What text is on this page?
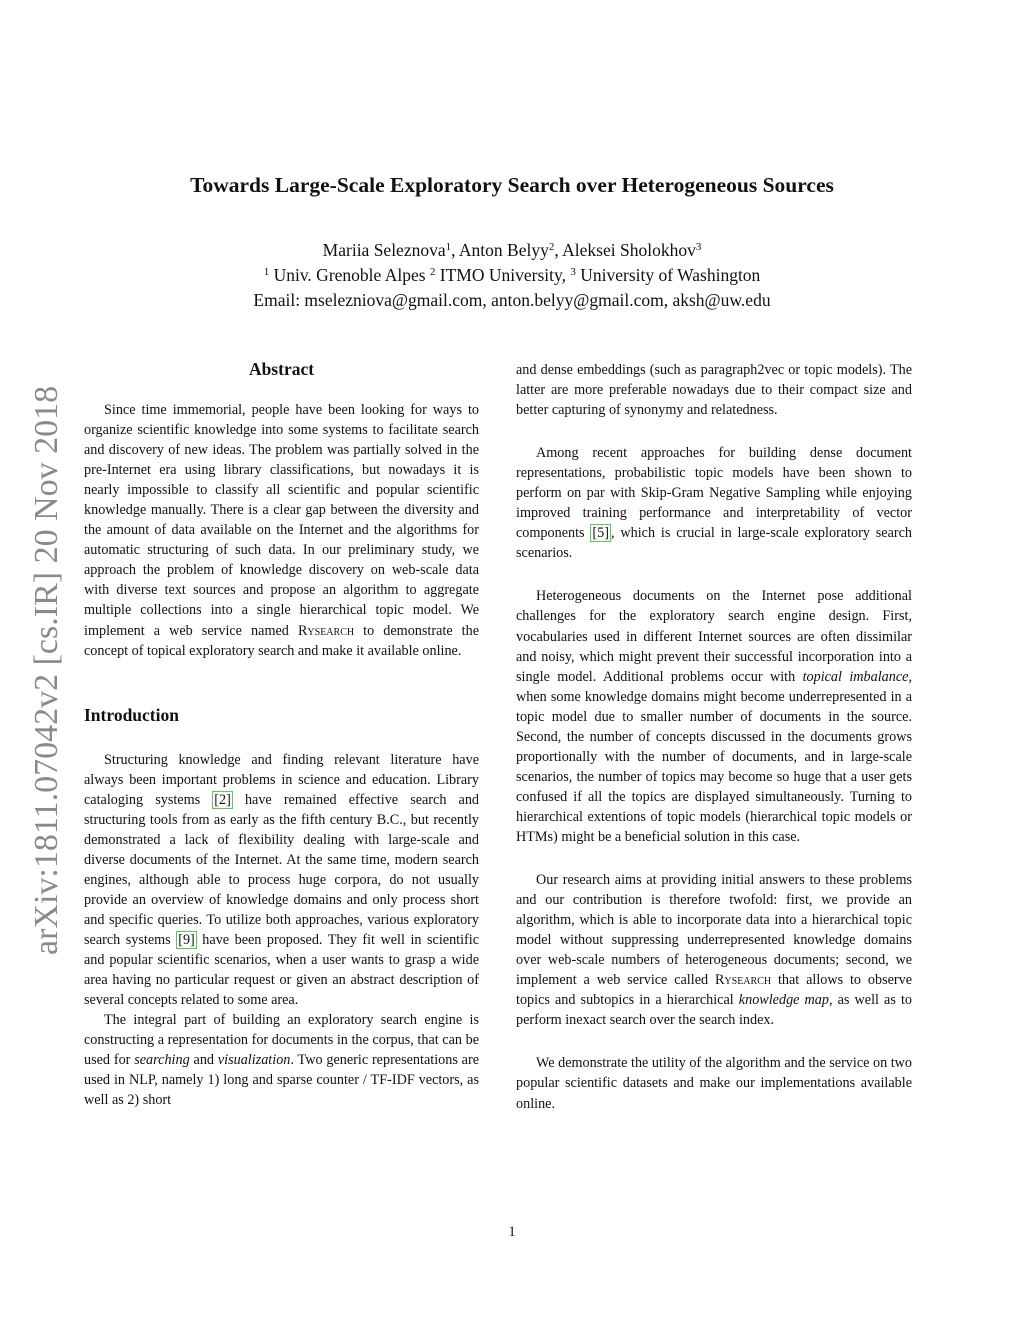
arXiv:1811.07042v2 [cs.IR] 20 Nov 2018
Towards Large-Scale Exploratory Search over Heterogeneous Sources
Mariia Seleznova$^1$, Anton Belyy$^2$, Aleksei Sholokhov$^3$
$^1$ Univ. Grenoble Alpes $^2$ ITMO University, $^3$ University of Washington
Email: mselezniova@gmail.com, anton.belyy@gmail.com, aksh@uw.edu
Abstract

Since time immemorial, people have been looking for ways to organize scientific knowledge into some systems to facilitate search and discovery of new ideas. The problem was partially solved in the pre-Internet era using library classifications, but nowadays it is nearly impossible to classify all scientific and popular scientific knowledge manually. There is a clear gap between the diversity and the amount of data available on the Internet and the algorithms for automatic structuring of such data. In our preliminary study, we approach the problem of knowledge discovery on web-scale data with diverse text sources and propose an algorithm to aggregate multiple collections into a single hierarchical topic model. We implement a web service named Rysearch to demonstrate the concept of topical exploratory search and make it available online.

Introduction

Structuring knowledge and finding relevant literature have always been important problems in science and education. Library cataloging systems [2] have remained effective search and structuring tools from as early as the fifth century B.C., but recently demonstrated a lack of flexibility dealing with large-scale and diverse documents of the Internet. At the same time, modern search engines, although able to process huge corpora, do not usually provide an overview of knowledge domains and only process short and specific queries. To utilize both approaches, various exploratory search systems [9] have been proposed. They fit well in scientific and popular scientific scenarios, when a user wants to grasp a wide area having no particular request or given an abstract description of several concepts related to some area.

The integral part of building an exploratory search engine is constructing a representation for documents in the corpus, that can be used for searching and visualization. Two generic representations are used in NLP, namely 1) long and sparse counter / TF-IDF vectors, as well as 2) short

and dense embeddings (such as paragraph2vec or topic models). The latter are more preferable nowadays due to their compact size and better capturing of synonymy and relatedness.

Among recent approaches for building dense document representations, probabilistic topic models have been shown to perform on par with Skip-Gram Negative Sampling while enjoying improved training performance and interpretability of vector components [5] , which is crucial in large-scale exploratory search scenarios.

Heterogeneous documents on the Internet pose additional challenges for the exploratory search engine design. First, vocabularies used in different Internet sources are often dissimilar and noisy, which might prevent their successful incorporation into a single model. Additional problems occur with topical imbalance, when some knowledge domains might become underrepresented in a topic model due to smaller number of documents in the source. Second, the number of concepts discussed in the documents grows proportionally with the number of documents, and in large-scale scenarios, the number of topics may become so huge that a user gets confused if all the topics are displayed simultaneously. Turning to hierarchical extentions of topic models (hierarchical topic models or HTMs) might be a beneficial solution in this case.

Our research aims at providing initial answers to these problems and our contribution is therefore twofold: first, we provide an algorithm, which is able to incorporate data into a hierarchical topic model without suppressing underrepresented knowledge domains over web-scale numbers of heterogeneous documents; second, we implement a web service called Rysearch that allows to observe topics and subtopics in a hierarchical knowledge map, as well as to perform inexact search over the search index.

We demonstrate the utility of the algorithm and the service on two popular scientific datasets and make our implementations available online.

1
